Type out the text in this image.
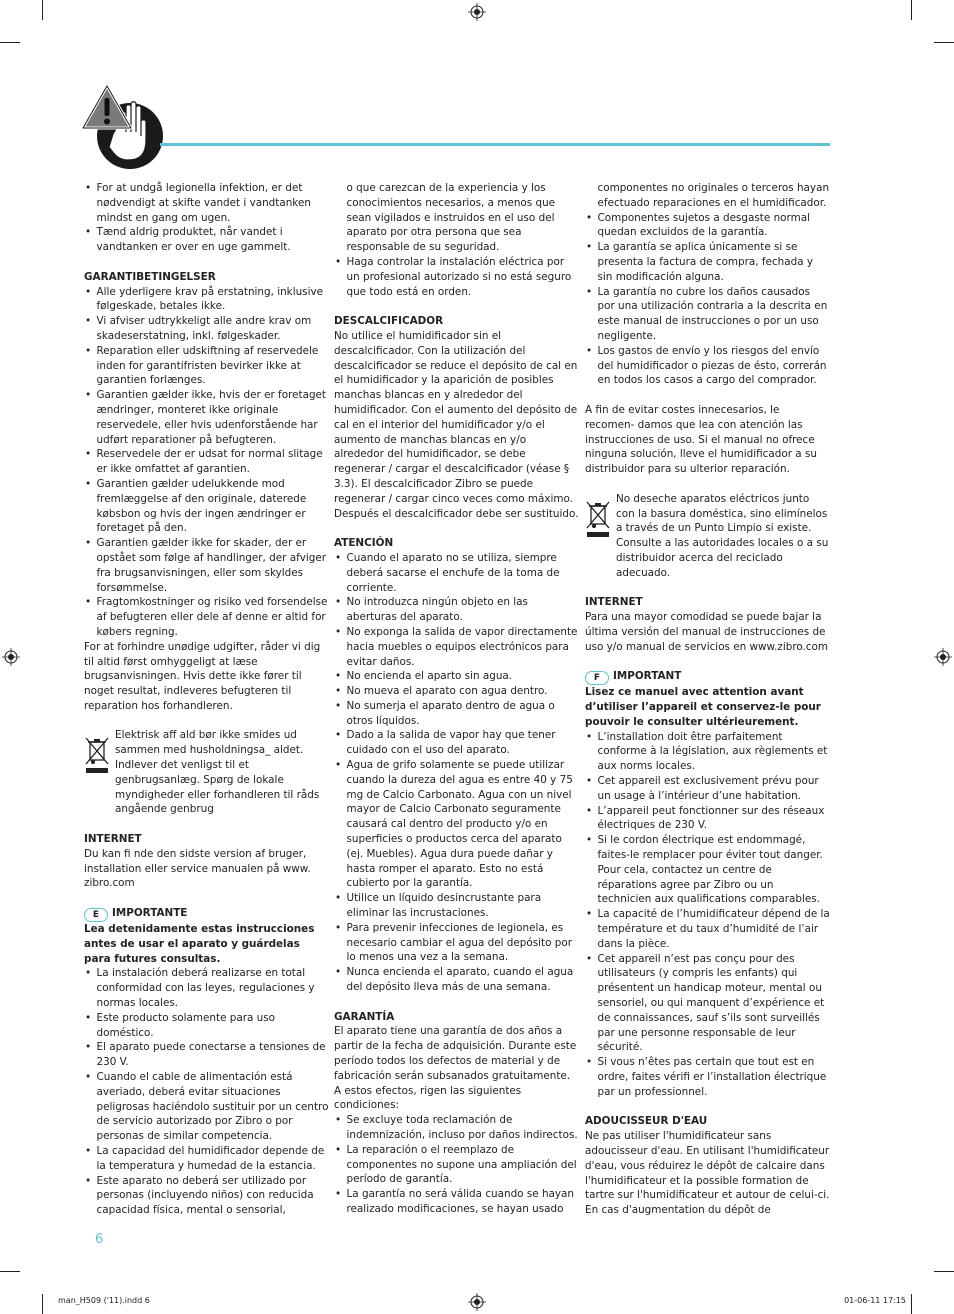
• For at undgå legionella infektion, er det nødvendigt at skifte vandet i vandtanken mindst en gang om ugen.
• Tænd aldrig produktet, når vandet i vandtanken er over en uge gammelt.

GARANTIBETINGELSER

• Alle yderligere krav på erstatning, inklusive følgeskade, betales ikke.
• Vi afviser udtrykkeligt alle andre krav om skadeserstatning, inkl. følgeskader.
• Reparation eller udskiftning af reservedele inden for garantifristen bevirker ikke at garantien forlænges.
• Garantien gælder ikke, hvis der er foretaget ændringer, monteret ikke originale reservedele, eller hvis udenforstående har udført reparationer på befugteren.
• Reservedele der er udsat for normal slitage er ikke omfattet af garantien.
• Garantien gælder udelukkende mod fremlæggelse af den originale, daterede købsbon og hvis der ingen ændringer er foretaget på den.
• Garantien gælder ikke for skader, der er opstået som følge af handlinger, der afviger fra brugsanvisningen, eller som skyldes forsømmelse.
• Fragtomkostninger og risiko ved forsendelse af befugteren eller dele af denne er altid for købers regning.

For at forhindre unødige udgifter, råder vi dig til altid først omhyggeligt at læse brugsanvisningen. Hvis dette ikke fører til noget resultat, indleveres befugteren til reparation hos forhandleren.

Elektrisk aff ald bør ikke smides ud sammen med husholdningsa_ aldet. Indlever det venligst til et genbrugsanlæg. Spørg de lokale myndigheder eller forhandleren til råds angående genbrug

INTERNET

Du kan fi nde den sidste version af bruger, installation eller service manualen på www. zibro.com

E IMPORTANTE

Lea detenidamente estas instrucciones antes de usar el aparato y guárdelas para futures consultas.

• La instalación deberá realizarse en total conformidad con las leyes, regulaciones y normas locales.
• Este producto solamente para uso doméstico.
• El aparato puede conectarse a tensiones de 230 V.
• Cuando el cable de alimentación está averiado, deberá evitar situaciones peligrosas haciéndolo sustituir por un centro de servicio autorizado por Zibro o por personas de similar competencia.
• La capacidad del humidificador depende de la temperatura y humedad de la estancia.
• Este aparato no deberá ser utilizado por personas (incluyendo niños) con reducida capacidad física, mental o sensorial,

o que carezcan de la experiencia y los conocimientos necesarios, a menos que sean vigilados e instruidos en el uso del aparato por otra persona que sea responsable de su seguridad.

• Haga controlar la instalación eléctrica por un profesional autorizado si no está seguro que todo está en orden.

DESCALCIFICADOR

No utilice el humidificador sin el descalcificador. Con la utilización del descalcificador se reduce el depósito de cal en el humidificador y la aparición de posibles manchas blancas en y alrededor del humidificador. Con el aumento del depósito de cal en el interior del humidificador y/o el aumento de manchas blancas en y/o alrededor del humidificador, se debe regenerar / cargar el descalcificador (véase § 3.3). El descalcificador Zibro se puede regenerar / cargar cinco veces como máximo. Después el descalcificador debe ser sustituido.

ATENCIÓN

• Cuando el aparato no se utiliza, siempre deberá sacarse el enchufe de la toma de corriente.
• No introduzca ningún objeto en las aberturas del aparato.
• No exponga la salida de vapor directamente hacia muebles o equipos electrónicos para evitar daños.
• No encienda el aparto sin agua.
• No mueva el aparato con agua dentro.
• No sumerja el aparato dentro de agua o otros líquidos.
• Dado a la salida de vapor hay que tener cuidado con el uso del aparato.
• Agua de grifo solamente se puede utilizar cuando la dureza del agua es entre 40 y 75 mg de Calcio Carbonato. Agua con un nivel mayor de Calcio Carbonato seguramente causará cal dentro del producto y/o en superficies o productos cerca del aparato (ej. Muebles). Agua dura puede dañar y hasta romper el aparato. Esto no está cubierto por la garantía.
• Utilice un líquido desincrustante para eliminar las incrustaciones.
• Para prevenir infecciones de legionela, es necesario cambiar el agua del depósito por lo menos una vez a la semana.
• Nunca encienda el aparato, cuando el agua del depósito lleva más de una semana.

GARANTÍA

El aparato tiene una garantía de dos años a partir de la fecha de adquisición. Durante este período todos los defectos de material y de fabricación serán subsanados gratuitamente. A estos efectos, rigen las siguientes condiciones:

• Se excluye toda reclamación de indemnización, incluso por daños indirectos.
• La reparación o el reemplazo de componentes no supone una ampliación del período de garantía.
• La garantía no será válida cuando se hayan realizado modificaciones, se hayan usado

componentes no originales o terceros hayan efectuado reparaciones en el humidificador.

• Componentes sujetos a desgaste normal quedan excluidos de la garantía.
• La garantía se aplica únicamente si se presenta la factura de compra, fechada y sin modificación alguna.
• La garantía no cubre los daños causados por una utilización contraria a la descrita en este manual de instrucciones o por un uso negligente.
• Los gastos de envío y los riesgos del envío del humidificador o piezas de ésto, correrán en todos los casos a cargo del comprador.

A fin de evitar costes innecesarios, le recomen- damos que lea con atención las instrucciones de uso. Si el manual no ofrece ninguna solución, lleve el humidificador a su distribuidor para su ulterior reparación.

No deseche aparatos eléctricos junto con la basura doméstica, sino elimínelos a través de un Punto Limpio si existe. Consulte a las autoridades locales o a su distribuidor acerca del reciclado adecuado.

INTERNET

Para una mayor comodidad se puede bajar la última versión del manual de instrucciones de uso y/o manual de servicios en www.zibro.com

F IMPORTANT

Lisez ce manuel avec attention avant d’utiliser l’appareil et conservez-le pour pouvoir le consulter ultérieurement.

• L’installation doit être parfaitement conforme à la législation, aux règlements et aux norms locales.
• Cet appareil est exclusivement prévu pour un usage à l’intérieur d’une habitation.
• L’appareil peut fonctionner sur des réseaux électriques de 230 V.
• Si le cordon électrique est endommagé, faites-le remplacer pour éviter tout danger. Pour cela, contactez un centre de réparations agree par Zibro ou un technicien aux qualifications comparables.
• La capacité de l’humidificateur dépend de la température et du taux d’humidité de l’air dans la pièce.
• Cet appareil n’est pas conçu pour des utilisateurs (y compris les enfants) qui présentent un handicap moteur, mental ou sensoriel, ou qui manquent d’expérience et de connaissances, sauf s’ils sont surveillés par une personne responsable de leur sécurité.
• Si vous n’êtes pas certain que tout est en ordre, faites vérifi er l’installation électrique par un professionnel.

ADOUCISSEUR D'EAU

Ne pas utiliser l'humidificateur sans adoucisseur d'eau. En utilisant l'humidificateur d'eau, vous réduirez le dépôt de calcaire dans l'humidificateur et la possible formation de tartre sur l'humidificateur et autour de celui-ci. En cas d'augmentation du dépôt de

6
man_H509 ('11).indd 6	01-06-11 17:15
